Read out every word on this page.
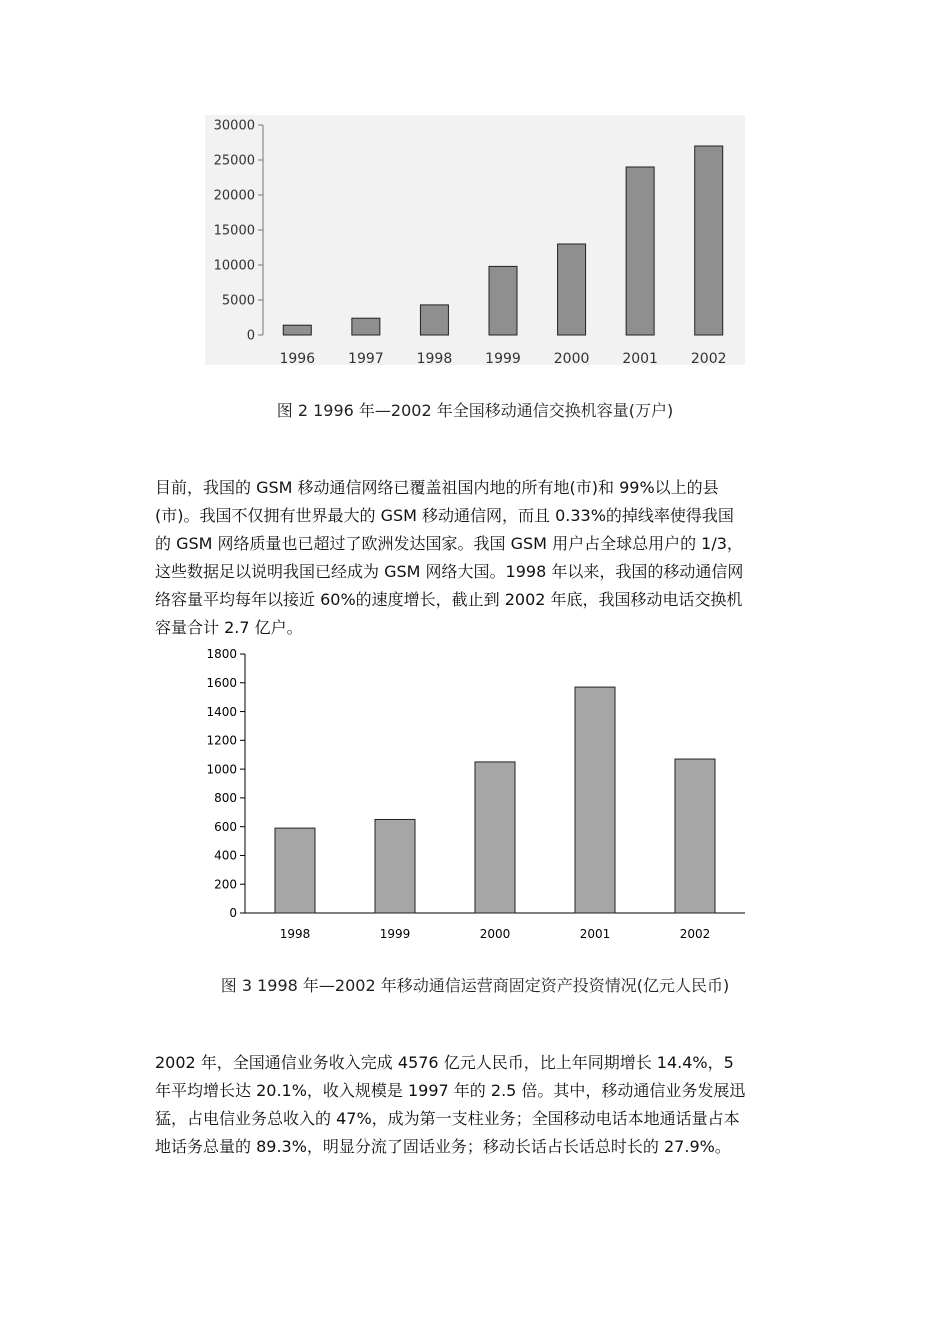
0
5000
10000
15000
20000
25000
30000
1996 1997 1998 1999 2000 2001 2002
图 2 1996 年—2002 年全国移动通信交换机容量(万户)
目前，我国的 GSM 移动通信网络已覆盖祖国内地的所有地(市)和 99%以上的县
(市)。我国不仅拥有世界最大的 GSM 移动通信网，而且 0.33%的掉线率使得我国
的 GSM 网络质量也已超过了欧洲发达国家。我国 GSM 用户占全球总用户的 1/3，
这些数据足以说明我国已经成为 GSM 网络大国。1998 年以来，我国的移动通信网
络容量平均每年以接近 60%的速度增长，截止到 2002 年底，我国移动电话交换机
容量合计 2.7 亿户。
0
200
400
600
800
1000
1200
1400
1600
1800
1998	1999	2000	2001	2002
图 3 1998 年—2002 年移动通信运营商固定资产投资情况(亿元人民币)
2002 年，全国通信业务收入完成 4576 亿元人民币，比上年同期增长 14.4%，5
年平均增长达 20.1%，收入规模是 1997 年的 2.5 倍。其中，移动通信业务发展迅
猛，占电信业务总收入的 47%，成为第一支柱业务；全国移动电话本地通话量占本
地话务总量的 89.3%，明显分流了固话业务；移动长话占长话总时长的 27.9%。
